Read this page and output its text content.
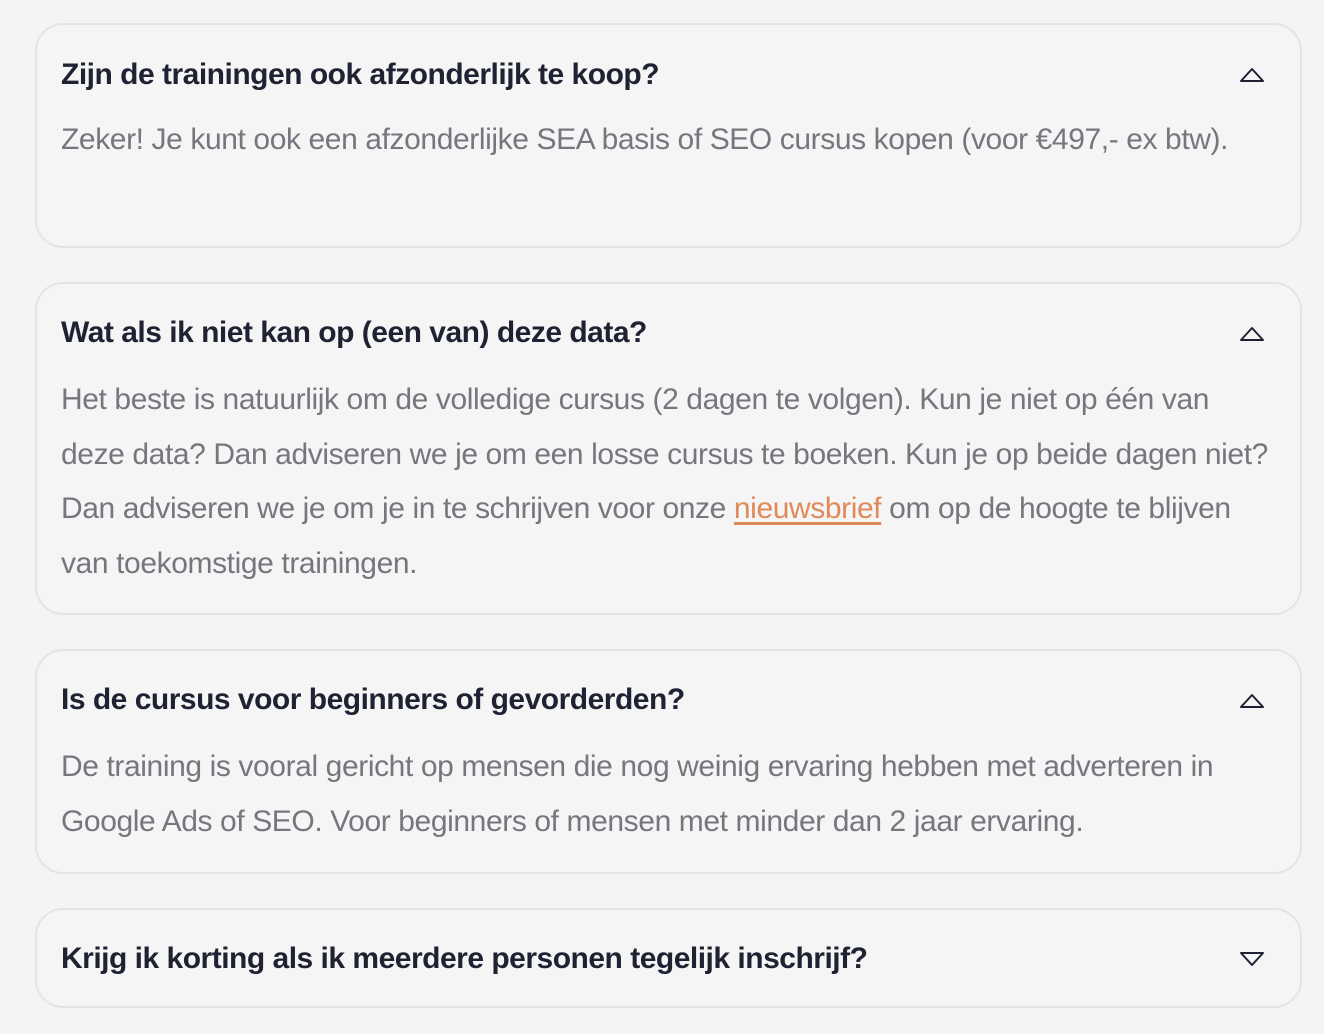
Zijn de trainingen ook afzonderlijk te koop?
Zeker! Je kunt ook een afzonderlijke SEA basis of SEO cursus kopen (voor €497,- ex btw).
Wat als ik niet kan op (een van) deze data?
Het beste is natuurlijk om de volledige cursus (2 dagen te volgen). Kun je niet op één van deze data? Dan adviseren we je om een losse cursus te boeken. Kun je op beide dagen niet? Dan adviseren we je om je in te schrijven voor onze nieuwsbrief om op de hoogte te blijven van toekomstige trainingen.
Is de cursus voor beginners of gevorderden?
De training is vooral gericht op mensen die nog weinig ervaring hebben met adverteren in Google Ads of SEO. Voor beginners of mensen met minder dan 2 jaar ervaring.
Krijg ik korting als ik meerdere personen tegelijk inschrijf?
